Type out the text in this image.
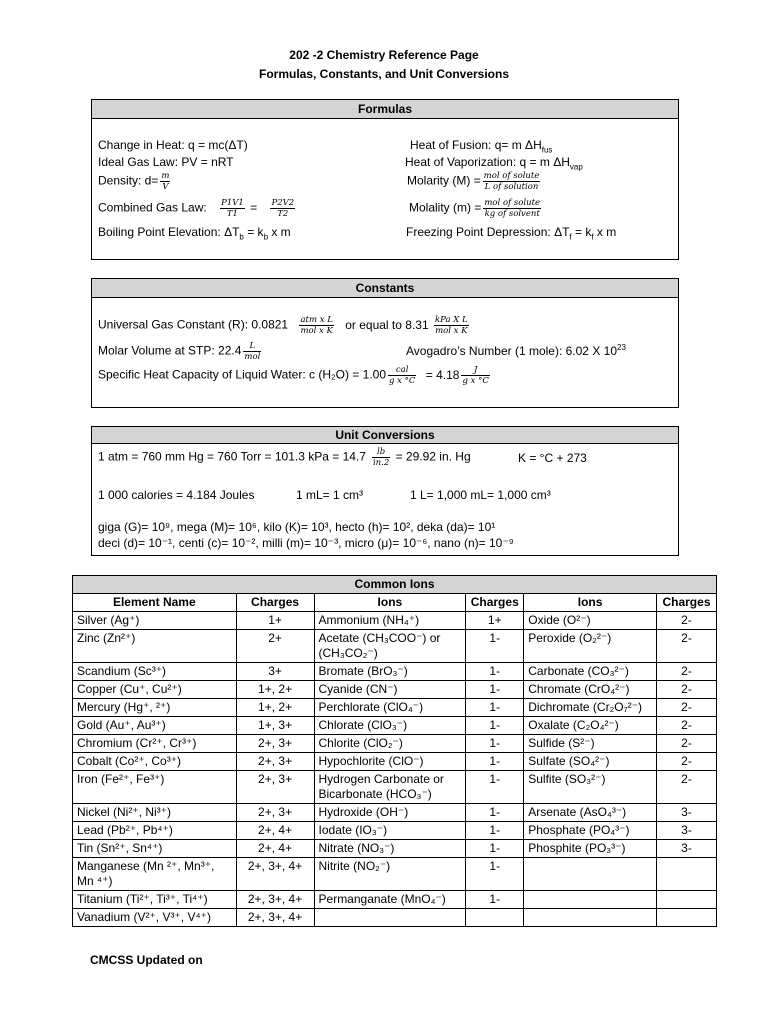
202 -2 Chemistry Reference Page
Formulas, Constants, and Unit Conversions
Formulas
Change in Heat: q = mc(ΔT)
Ideal Gas Law: PV = nRT
Density: $d= \frac{m}{V}$
Combined Gas Law: $\frac{P1V1}{T1} = \frac{P2V2}{T2}$
Boiling Point Elevation: $\Delta T_b = k_b$ x m
Heat of Fusion: q= m $\Delta H_{fus}$
Heat of Vaporization: q = m $\Delta H_{vap}$
Molarity $(M) = \frac{\text{mol of solute}}{\text{L of solution}}$
Molality $(m) = \frac{\text{mol of solute}}{\text{kg of solvent}}$
Freezing Point Depression: $\Delta T_f = k_f$ x m
Constants
Universal Gas Constant (R): $0.0821 \frac{\text{atm x L}}{\text{mol x K}}$ or equal to $8.31 \frac{\text{kPa X L}}{\text{mol x K}}$
Molar Volume at STP: $22.4 \frac{L}{\text{mol}}$	Avogadro’s Number (1 mole): 6.02 X $10^{23}$
Specific Heat Capacity of Liquid Water: c $(H_2O) = 1.00 \frac{\text{cal}}{\text{g x °C}} = 4.18 \frac{J}{\text{g x °C}}$
Unit Conversions
1 atm = 760 mm Hg = 760 Torr = 101.3 kPa = $14.7 \frac{lb}{in.2} = 29.92$ in. Hg	K = °C + 273
1 000 calories = 4.184 Joules	1 mL= 1 cm³	1 L= 1,000 mL= 1,000 cm³
giga (G)= 10⁹, mega (M)= 10⁶, kilo (K)= 10³, hecto (h)= 10², deka (da)= 10¹
deci (d)= 10⁻¹, centi (c)= 10⁻², milli (m)= 10⁻³, micro (μ)= 10⁻⁶, nano (n)= 10⁻⁹
Common Ions					
Element Name	Charges	Ions	Charges	Ions	Charges
Silver (Ag⁺)	1+	Ammonium (NH₄⁺)	1+	Oxide (O²⁻)	2-
Zinc (Zn²⁺)	2+	Acetate (CH₃COO⁻) or (CH₃CO₂⁻)	1-	Peroxide (O₂²⁻)	2-
Scandium (Sc³⁺)	3+	Bromate (BrO₃⁻)	1-	Carbonate (CO₃²⁻)	2-
Copper (Cu⁺, Cu²⁺)	1+, 2+	Cyanide (CN⁻)	1-	Chromate (CrO₄²⁻)	2-
Mercury (Hg⁺, ²⁺)	1+, 2+	Perchlorate (ClO₄⁻)	1-	Dichromate (Cr₂O₇²⁻)	2-
Gold (Au⁺, Au³⁺)	1+, 3+	Chlorate (ClO₃⁻)	1-	Oxalate (C₂O₄²⁻)	2-
Chromium (Cr²⁺, Cr³⁺)	2+, 3+	Chlorite (ClO₂⁻)	1-	Sulfide (S²⁻)	2-
Cobalt (Co²⁺, Co³⁺)	2+, 3+	Hypochlorite (ClO⁻)	1-	Sulfate (SO₄²⁻)	2-
Iron (Fe²⁺, Fe³⁺)	2+, 3+	Hydrogen Carbonate or Bicarbonate (HCO₃⁻)	1-	Sulfite (SO₃²⁻)	2-
Nickel (Ni²⁺, Ni³⁺)	2+, 3+	Hydroxide (OH⁻)	1-	Arsenate (AsO₄³⁻)	3-
Lead (Pb²⁺, Pb⁴⁺)	2+, 4+	Iodate (IO₃⁻)	1-	Phosphate (PO₄³⁻)	3-
Tin (Sn²⁺, Sn⁴⁺)	2+, 4+	Nitrate (NO₃⁻)	1-	Phosphite (PO₃³⁻)	3-
Manganese (Mn ²⁺, Mn³⁺, Mn ⁴⁺)	2+, 3+, 4+	Nitrite (NO₂⁻)	1-		
Titanium (Ti²⁺, Ti³⁺, Ti⁴⁺)	2+, 3+, 4+	Permanganate (MnO₄⁻)	1-		
Vanadium (V²⁺, V³⁺, V⁴⁺)	2+, 3+, 4+				
CMCSS Updated on
